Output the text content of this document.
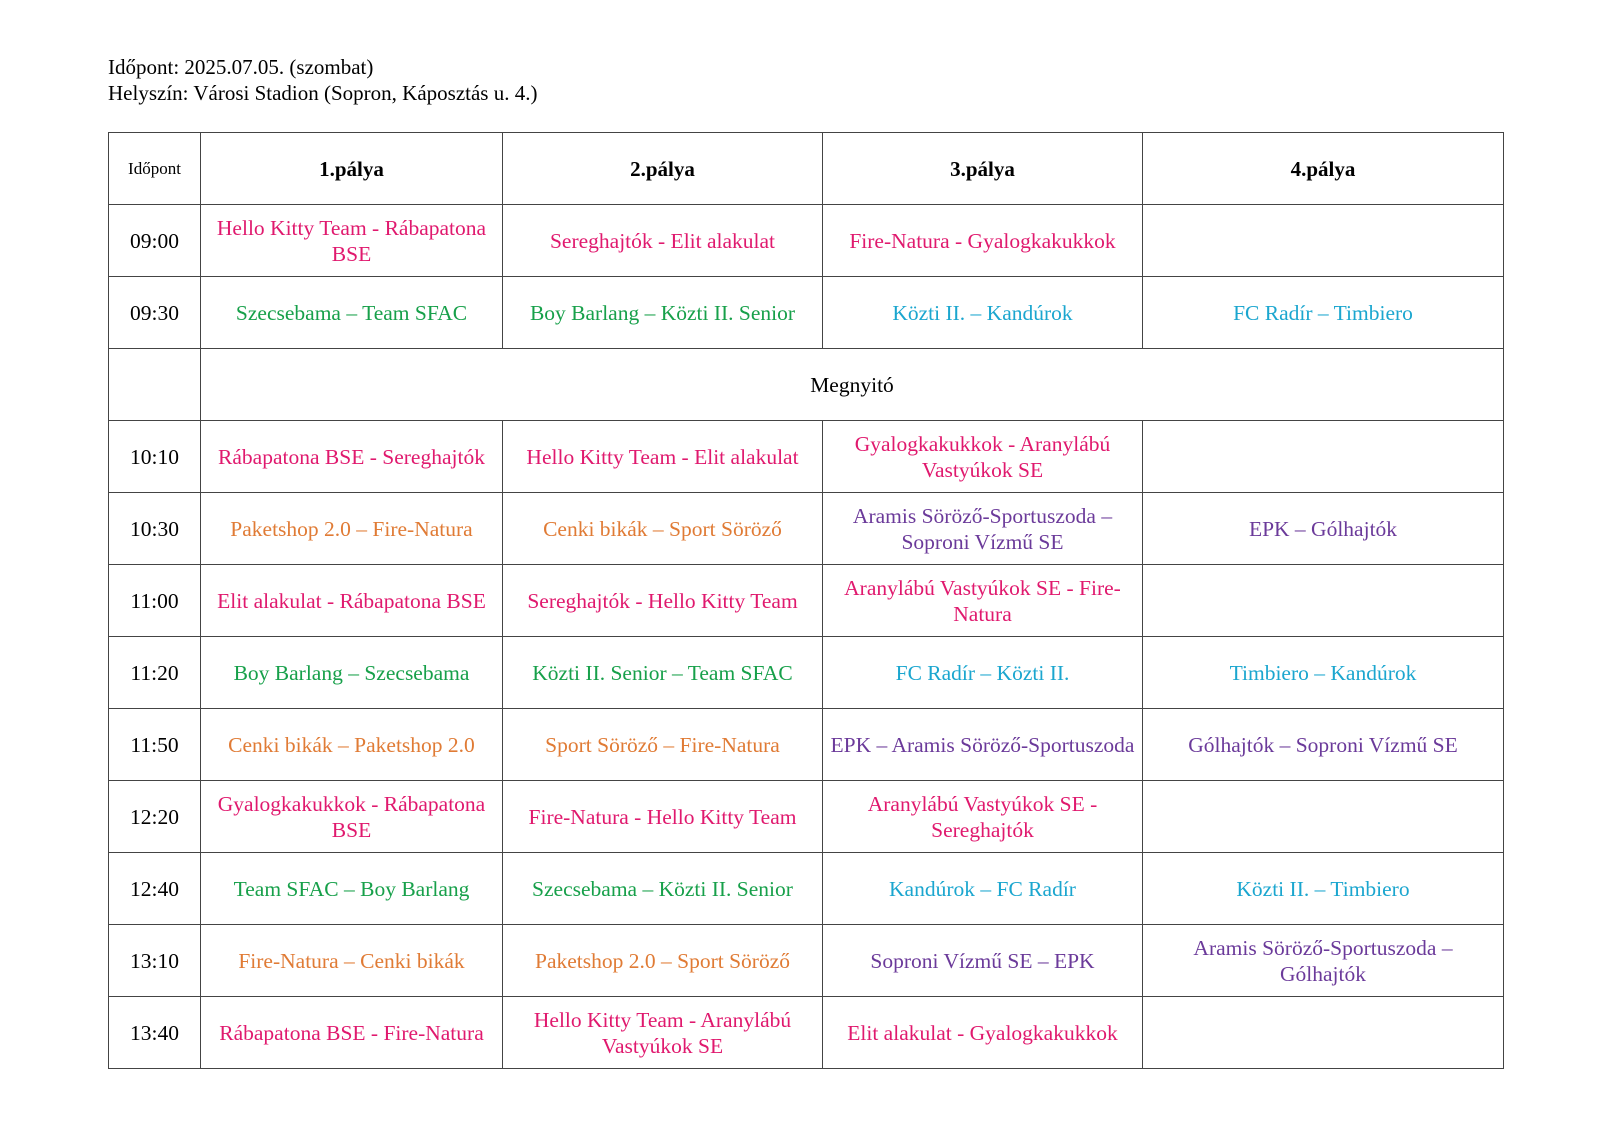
Időpont: 2025.07.05. (szombat)
Helyszín: Városi Stadion (Sopron, Káposztás u. 4.)
Időpont	1.pálya	2.pálya	3.pálya	4.pálya
09:00	Hello Kitty Team - Rábapatona BSE	Sereghajtók - Elit alakulat	Fire-Natura - Gyalogkakukkok	
09:30	Szecsebama – Team SFAC	Boy Barlang – Közti II. Senior	Közti II. – Kandúrok	FC Radír – Timbiero
	Megnyitó			
10:10	Rábapatona BSE - Sereghajtók	Hello Kitty Team - Elit alakulat	Gyalogkakukkok - Aranylábú Vastyúkok SE	
10:30	Paketshop 2.0 – Fire-Natura	Cenki bikák – Sport Söröző	Aramis Söröző-Sportuszoda – Soproni Vízmű SE	EPK – Gólhajtók
11:00	Elit alakulat - Rábapatona BSE	Sereghajtók - Hello Kitty Team	Aranylábú Vastyúkok SE - Fire-Natura	
11:20	Boy Barlang – Szecsebama	Közti II. Senior – Team SFAC	FC Radír – Közti II.	Timbiero – Kandúrok
11:50	Cenki bikák – Paketshop 2.0	Sport Söröző – Fire-Natura	EPK – Aramis Söröző-Sportuszoda	Gólhajtók – Soproni Vízmű SE
12:20	Gyalogkakukkok - Rábapatona BSE	Fire-Natura - Hello Kitty Team	Aranylábú Vastyúkok SE - Sereghajtók	
12:40	Team SFAC – Boy Barlang	Szecsebama – Közti II. Senior	Kandúrok – FC Radír	Közti II. – Timbiero
13:10	Fire-Natura – Cenki bikák	Paketshop 2.0 – Sport Söröző	Soproni Vízmű SE – EPK	Aramis Söröző-Sportuszoda – Gólhajtók
13:40	Rábapatona BSE - Fire-Natura	Hello Kitty Team - Aranylábú Vastyúkok SE	Elit alakulat - Gyalogkakukkok	
